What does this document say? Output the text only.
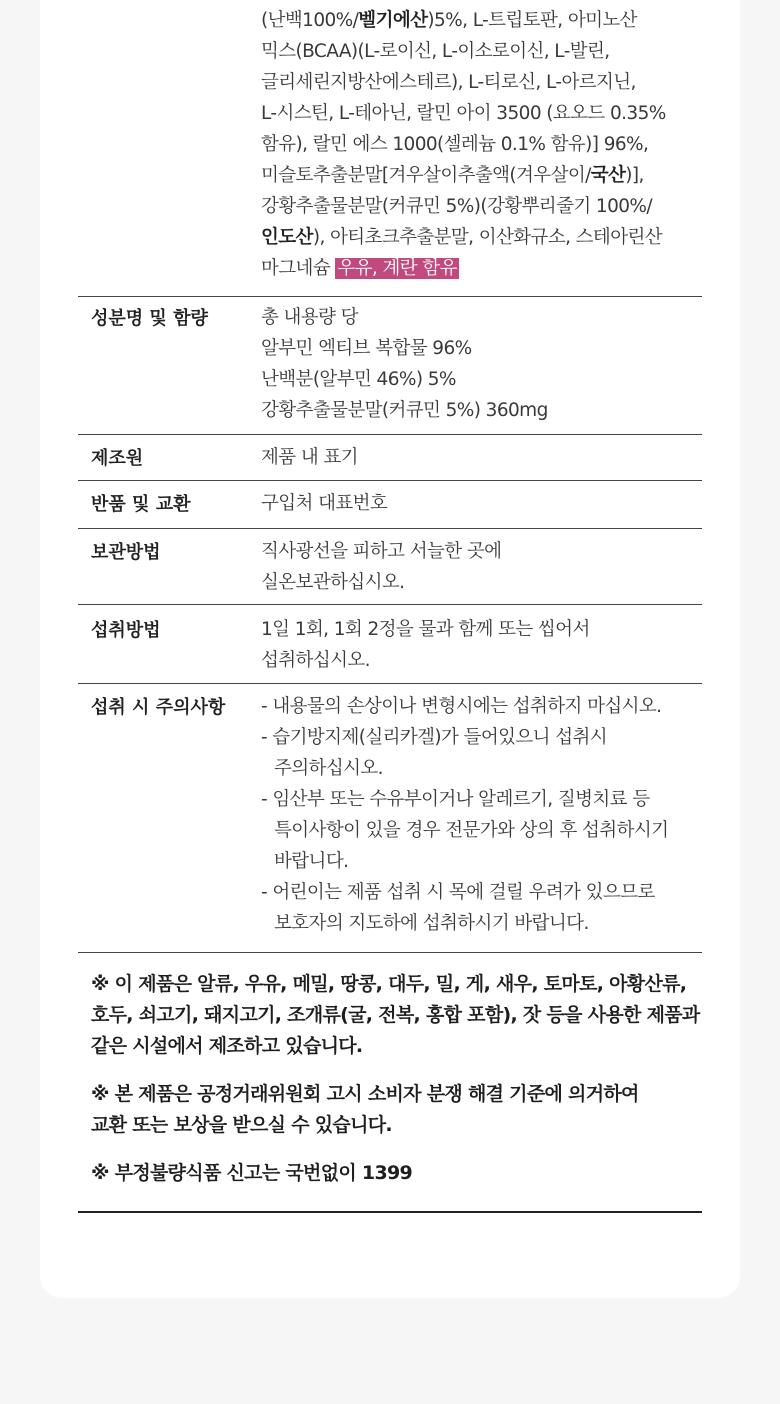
(난백100%/벨기에산)5%, L-트립토판, 아미노산
믹스(BCAA)(L-로이신, L-이소로이신, L-발린,
글리세린지방산에스테르), L-티로신, L-아르지닌,
L-시스틴, L-테아닌, 랄민 아이 3500 (요오드 0.35%
함유), 랄민 에스 1000(셀레늄 0.1% 함유)] 96%,
미슬토추출분말[겨우살이추출액(겨우살이/국산)],
강황추출물분말(커큐민 5%)(강황뿌리줄기 100%/
인도산), 아티초크추출분말, 이산화규소, 스테아린산
마그네슘 우유, 계란 함유
성분명 및 함량	총 내용량 당
알부민 엑티브 복합물 96%
난백분(알부민 46%) 5%
강황추출물분말(커큐민 5%) 360mg
제조원	제품 내 표기
반품 및 교환	구입처 대표번호
보관방법	직사광선을 피하고 서늘한 곳에
실온보관하십시오.
섭취방법	1일 1회, 1회 2정을 물과 함께 또는 씹어서
섭취하십시오.
섭취 시 주의사항	- 내용물의 손상이나 변형시에는 섭취하지 마십시오.
- 습기방지제(실리카겔)가 들어있으니 섭취시
주의하십시오.
- 임산부 또는 수유부이거나 알레르기, 질병치료 등
특이사항이 있을 경우 전문가와 상의 후 섭취하시기
바랍니다.
- 어린이는 제품 섭취 시 목에 걸릴 우려가 있으므로
보호자의 지도하에 섭취하시기 바랍니다.
※ 이 제품은 알류, 우유, 메밀, 땅콩, 대두, 밀, 게, 새우, 토마토, 아황산류,
호두, 쇠고기, 돼지고기, 조개류(굴, 전복, 홍합 포함), 잣 등을 사용한 제품과
같은 시설에서 제조하고 있습니다.
※ 본 제품은 공정거래위원회 고시 소비자 분쟁 해결 기준에 의거하여
교환 또는 보상을 받으실 수 있습니다.
※ 부정불량식품 신고는 국번없이 1399
